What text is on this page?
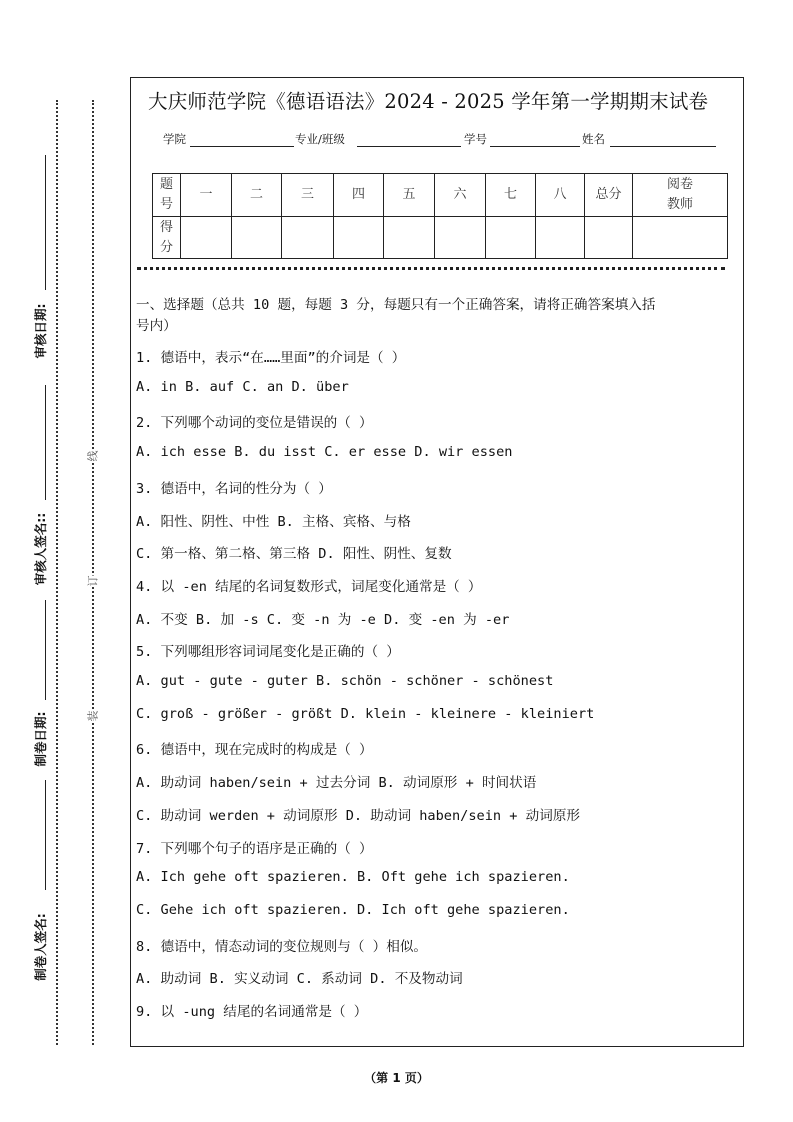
审核日期:
审核人签名::
制卷日期:
制卷人签名:
线
订
装
大庆师范学院《德语语法》2024 - 2025 学年第一学期期末试卷
学院	专业/班级	学号	姓名
题号	一	二	三	四	五	六	七	八	总分	阅卷教师
得分										
一、选择题（总共 10 题，每题 3 分，每题只有一个正确答案，请将正确答案填入括
号内）
1. 德语中，表示“在……里面”的介词是（ ）
A. in B. auf C. an D. über
2. 下列哪个动词的变位是错误的（ ）
A. ich esse B. du isst C. er esse D. wir essen
3. 德语中，名词的性分为（ ）
A. 阳性、阴性、中性 B. 主格、宾格、与格
C. 第一格、第二格、第三格 D. 阳性、阴性、复数
4. 以 -en 结尾的名词复数形式，词尾变化通常是（ ）
A. 不变 B. 加 -s C. 变 -n 为 -e D. 变 -en 为 -er
5. 下列哪组形容词词尾变化是正确的（ ）
A. gut - gute - guter B. schön - schöner - schönest
C. groß - größer - größt D. klein - kleinere - kleiniert
6. 德语中，现在完成时的构成是（ ）
A. 助动词 haben/sein + 过去分词 B. 动词原形 + 时间状语
C. 助动词 werden + 动词原形 D. 助动词 haben/sein + 动词原形
7. 下列哪个句子的语序是正确的（ ）
A. Ich gehe oft spazieren. B. Oft gehe ich spazieren.
C. Gehe ich oft spazieren. D. Ich oft gehe spazieren.
8. 德语中，情态动词的变位规则与（ ）相似。
A. 助动词 B. 实义动词 C. 系动词 D. 不及物动词
9. 以 -ung 结尾的名词通常是（ ）
（第 1 页）
